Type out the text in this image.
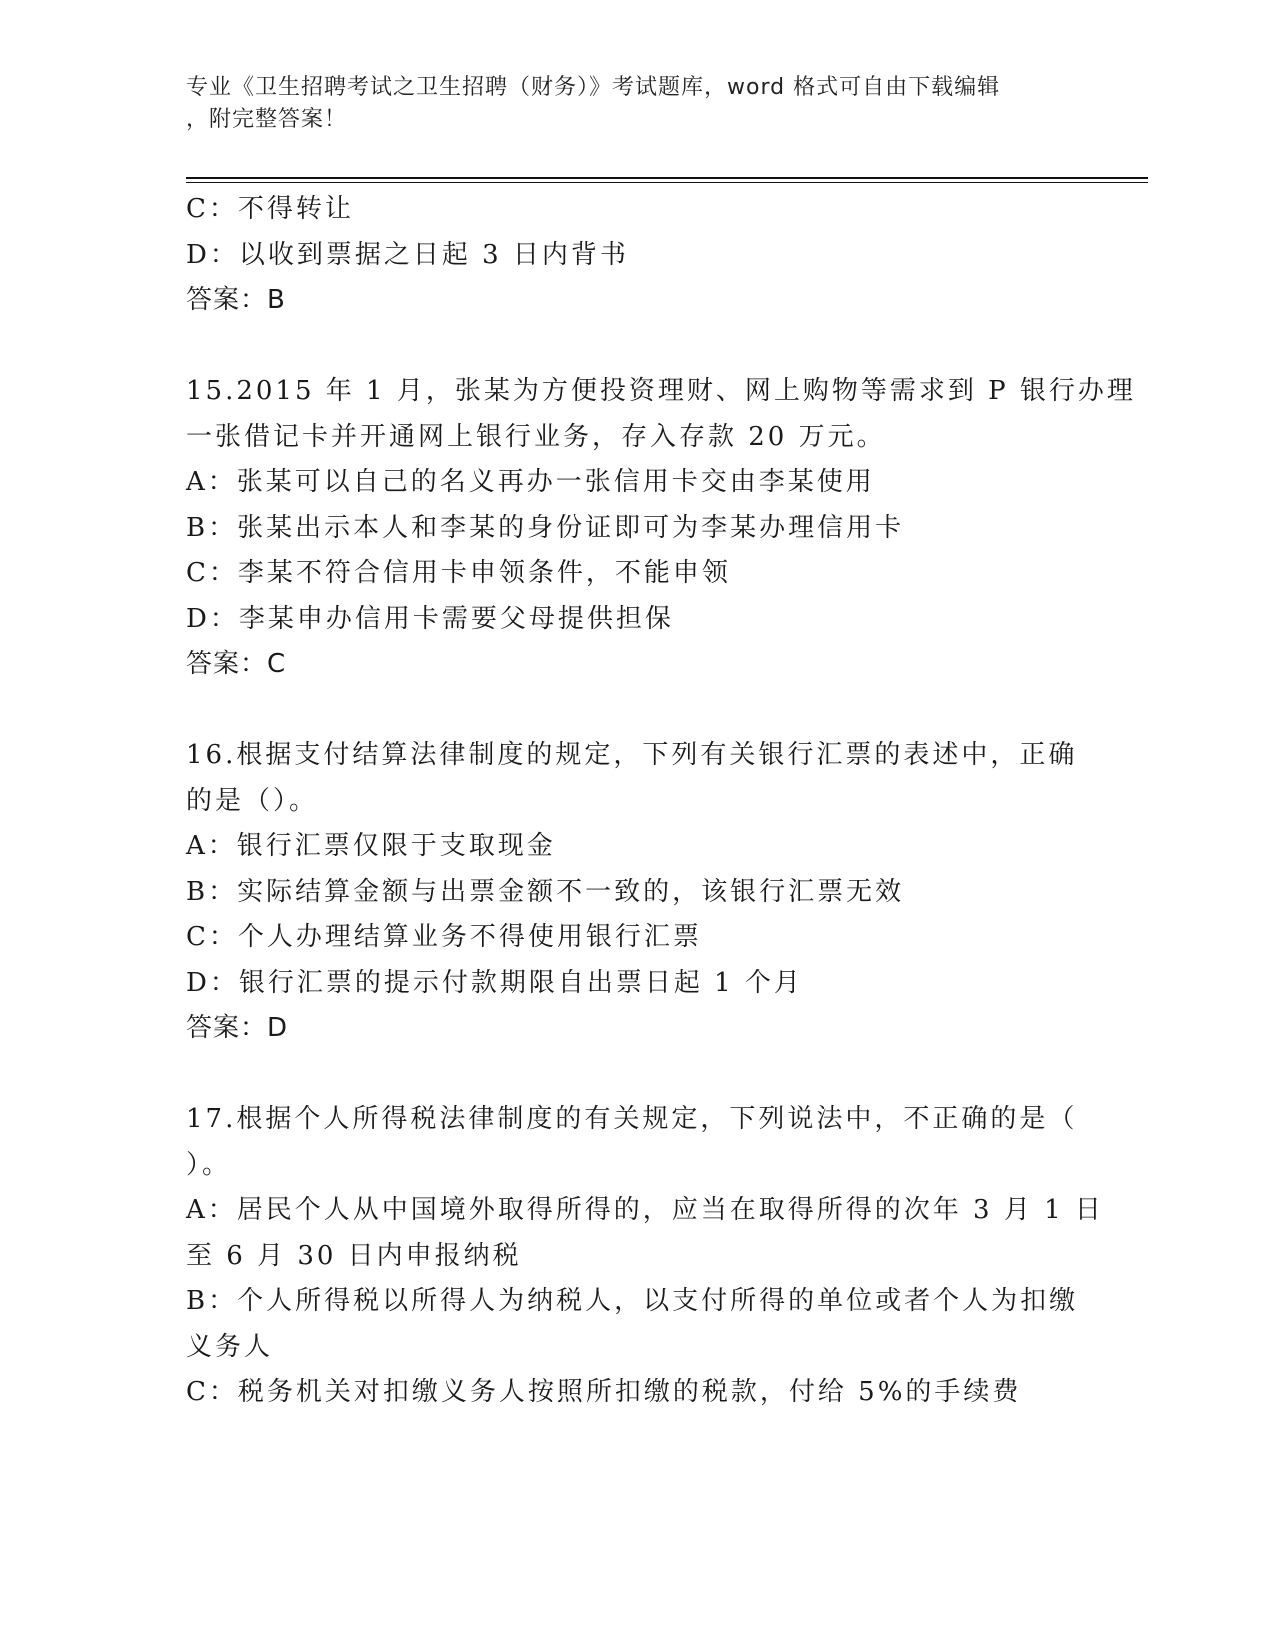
专业《卫生招聘考试之卫生招聘（财务）》考试题库，word 格式可自由下载编辑
，附完整答案！
C：不得转让
D：以收到票据之日起 3 日内背书
答案：B
15.2015 年 1 月，张某为方便投资理财、网上购物等需求到 P 银行办理
一张借记卡并开通网上银行业务，存入存款 20 万元。
A：张某可以自己的名义再办一张信用卡交由李某使用
B：张某出示本人和李某的身份证即可为李某办理信用卡
C：李某不符合信用卡申领条件，不能申领
D：李某申办信用卡需要父母提供担保
答案：C
16.根据支付结算法律制度的规定，下列有关银行汇票的表述中，正确
的是（）。
A：银行汇票仅限于支取现金
B：实际结算金额与出票金额不一致的，该银行汇票无效
C：个人办理结算业务不得使用银行汇票
D：银行汇票的提示付款期限自出票日起 1 个月
答案：D
17.根据个人所得税法律制度的有关规定，下列说法中，不正确的是（
）。
A：居民个人从中国境外取得所得的，应当在取得所得的次年 3 月 1 日
至 6 月 30 日内申报纳税
B：个人所得税以所得人为纳税人，以支付所得的单位或者个人为扣缴
义务人
C：税务机关对扣缴义务人按照所扣缴的税款，付给 5%的手续费
